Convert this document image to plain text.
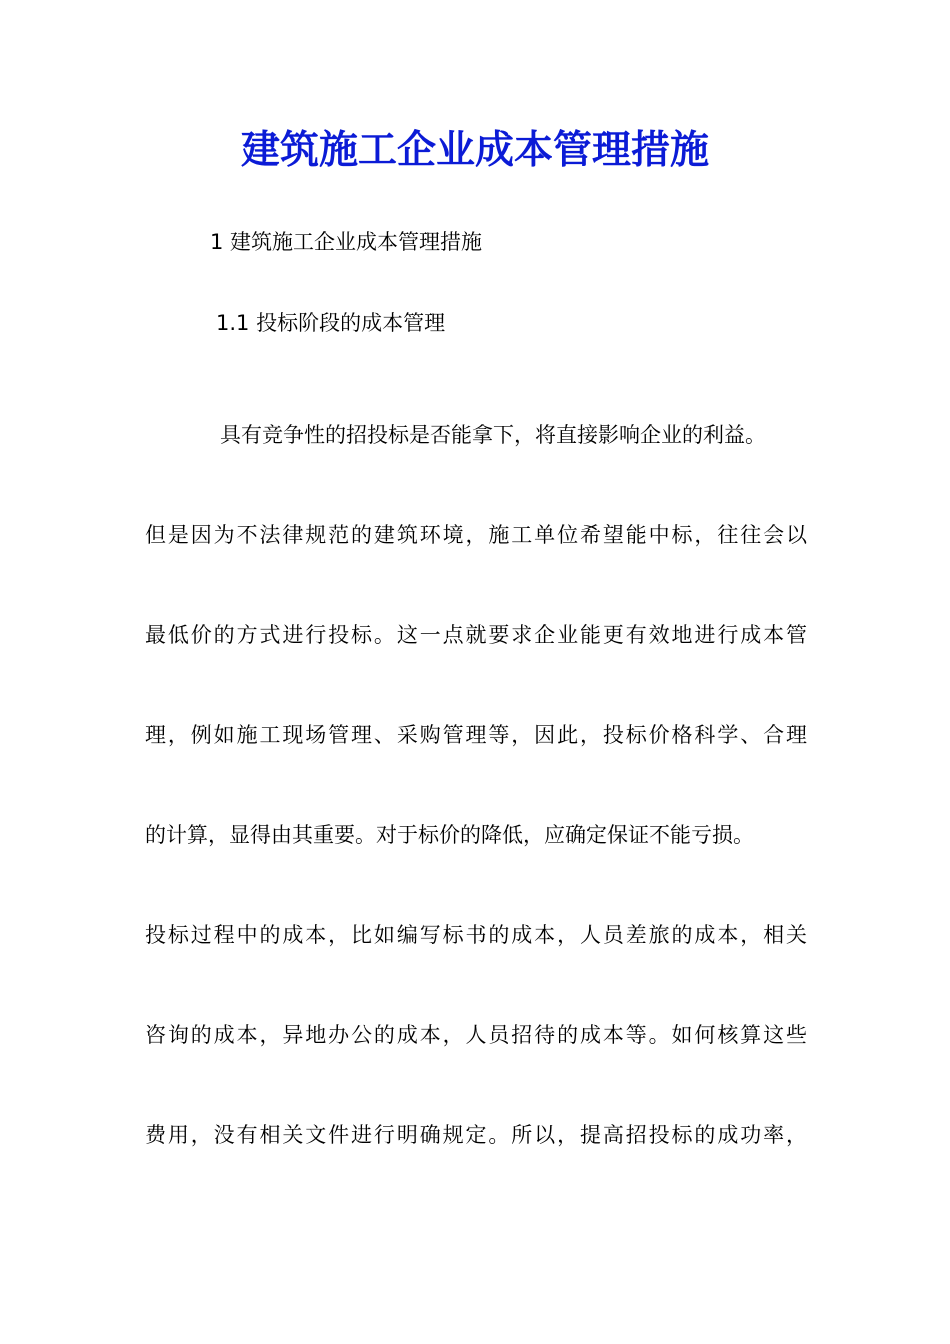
建筑施工企业成本管理措施

1 建筑施工企业成本管理措施

1.1 投标阶段的成本管理

具有竞争性的招投标是否能拿下，将直接影响企业的利益。
但是因为不法律规范的建筑环境，施工单位希望能中标，往往会以
最低价的方式进行投标。这一点就要求企业能更有效地进行成本管
理，例如施工现场管理、采购管理等，因此，投标价格科学、合理
的计算，显得由其重要。对于标价的降低，应确定保证不能亏损。
投标过程中的成本，比如编写标书的成本，人员差旅的成本，相关
咨询的成本，异地办公的成本，人员招待的成本等。如何核算这些
费用，没有相关文件进行明确规定。所以，提高招投标的成功率，
